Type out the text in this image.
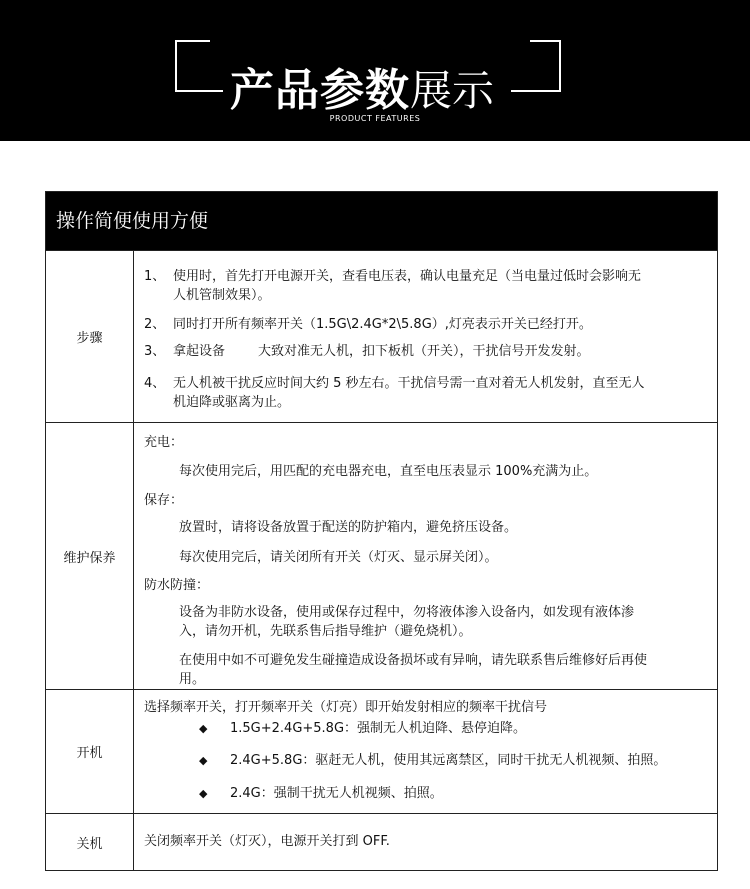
产品参数展示
PRODUCT FEATURES
操作简便使用方便
步骤
1、 使用时，首先打开电源开关，查看电压表，确认电量充足（当电量过低时会影响无
人机管制效果）。
2、 同时打开所有频率开关（1.5G\2.4G*2\5.8G）,灯亮表示开关已经打开。
3、 拿起设备        大致对准无人机，扣下板机（开关），干扰信号开发发射。
4、 无人机被干扰反应时间大约 5 秒左右。干扰信号需一直对着无人机发射，直至无人
机迫降或驱离为止。
维护保养
充电：
每次使用完后，用匹配的充电器充电，直至电压表显示 100%充满为止。
保存：
放置时，请将设备放置于配送的防护箱内，避免挤压设备。
每次使用完后，请关闭所有开关（灯灭、显示屏关闭）。
防水防撞：
设备为非防水设备，使用或保存过程中，勿将液体渗入设备内，如发现有液体渗
入，请勿开机，先联系售后指导维护（避免烧机）。
在使用中如不可避免发生碰撞造成设备损坏或有异响，请先联系售后维修好后再使
用。
开机
选择频率开关，打开频率开关（灯亮）即开始发射相应的频率干扰信号
◆ 1.5G+2.4G+5.8G：强制无人机迫降、悬停迫降。
◆ 2.4G+5.8G：驱赶无人机，使用其远离禁区，同时干扰无人机视频、拍照。
◆ 2.4G：强制干扰无人机视频、拍照。
关机	关闭频率开关（灯灭），电源开关打到 OFF.
